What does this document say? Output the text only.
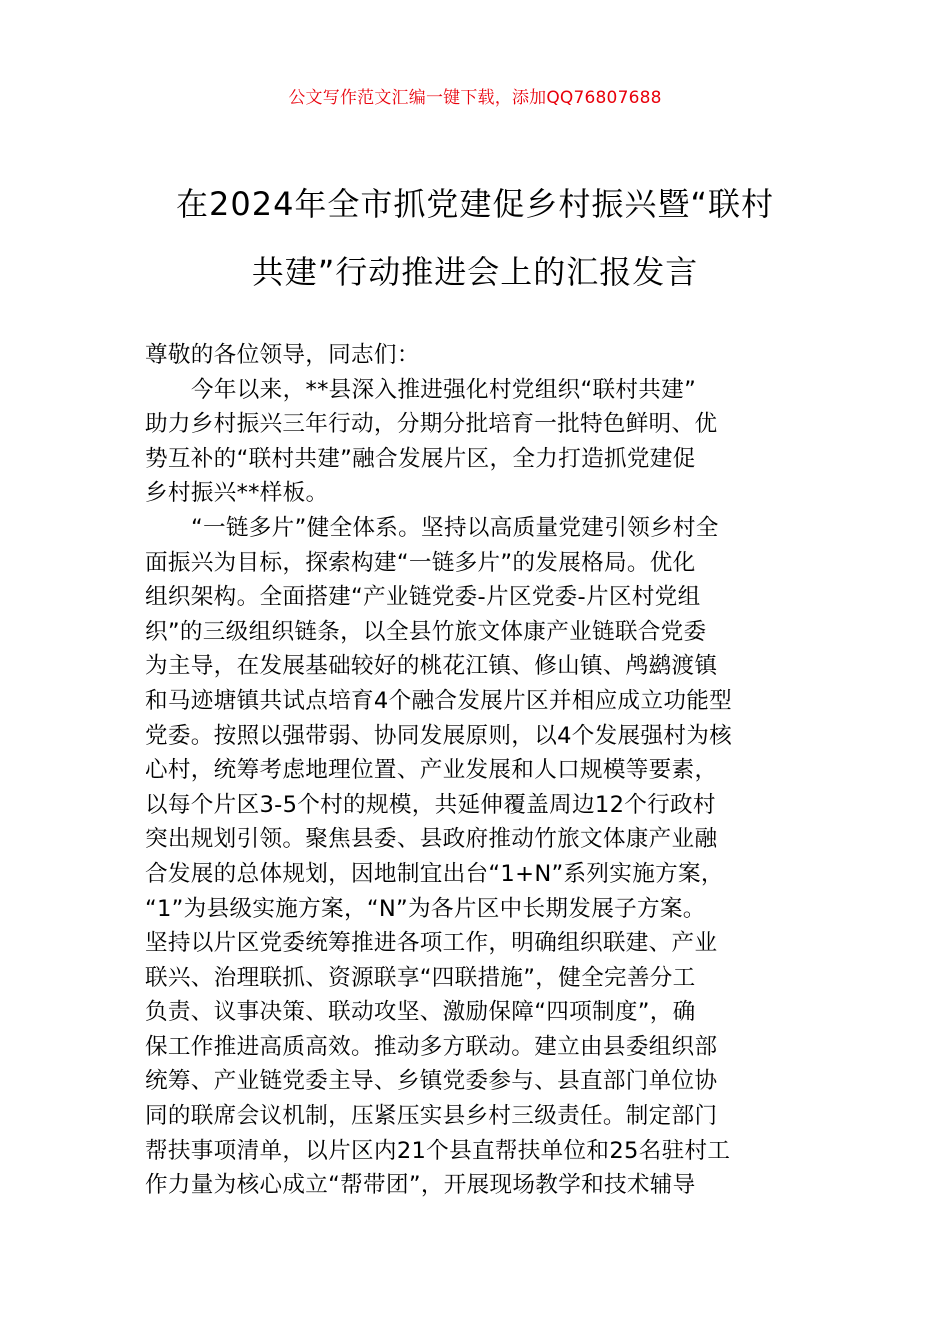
公文写作范文汇编一键下载，添加QQ76807688
在2024年全市抓党建促乡村振兴暨“联村
共建”行动推进会上的汇报发言
尊敬的各位领导，同志们：
今年以来，**县深入推进强化村党组织“联村共建”
助力乡村振兴三年行动，分期分批培育一批特色鲜明、优
势互补的“联村共建”融合发展片区，全力打造抓党建促
乡村振兴**样板。
“一链多片”健全体系。坚持以高质量党建引领乡村全
面振兴为目标，探索构建“一链多片”的发展格局。优化
组织架构。全面搭建“产业链党委-片区党委-片区村党组
织”的三级组织链条，以全县竹旅文体康产业链联合党委
为主导，在发展基础较好的桃花江镇、修山镇、鸬鹚渡镇
和马迹塘镇共试点培育4个融合发展片区并相应成立功能型
党委。按照以强带弱、协同发展原则，以4个发展强村为核
心村，统筹考虑地理位置、产业发展和人口规模等要素，
以每个片区3-5个村的规模，共延伸覆盖周边12个行政村
突出规划引领。聚焦县委、县政府推动竹旅文体康产业融
合发展的总体规划，因地制宜出台“1+N”系列实施方案，
“1”为县级实施方案，“N”为各片区中长期发展子方案。
坚持以片区党委统筹推进各项工作，明确组织联建、产业
联兴、治理联抓、资源联享“四联措施”，健全完善分工
负责、议事决策、联动攻坚、激励保障“四项制度”，确
保工作推进高质高效。推动多方联动。建立由县委组织部
统筹、产业链党委主导、乡镇党委参与、县直部门单位协
同的联席会议机制，压紧压实县乡村三级责任。制定部门
帮扶事项清单，以片区内21个县直帮扶单位和25名驻村工
作力量为核心成立“帮带团”，开展现场教学和技术辅导
